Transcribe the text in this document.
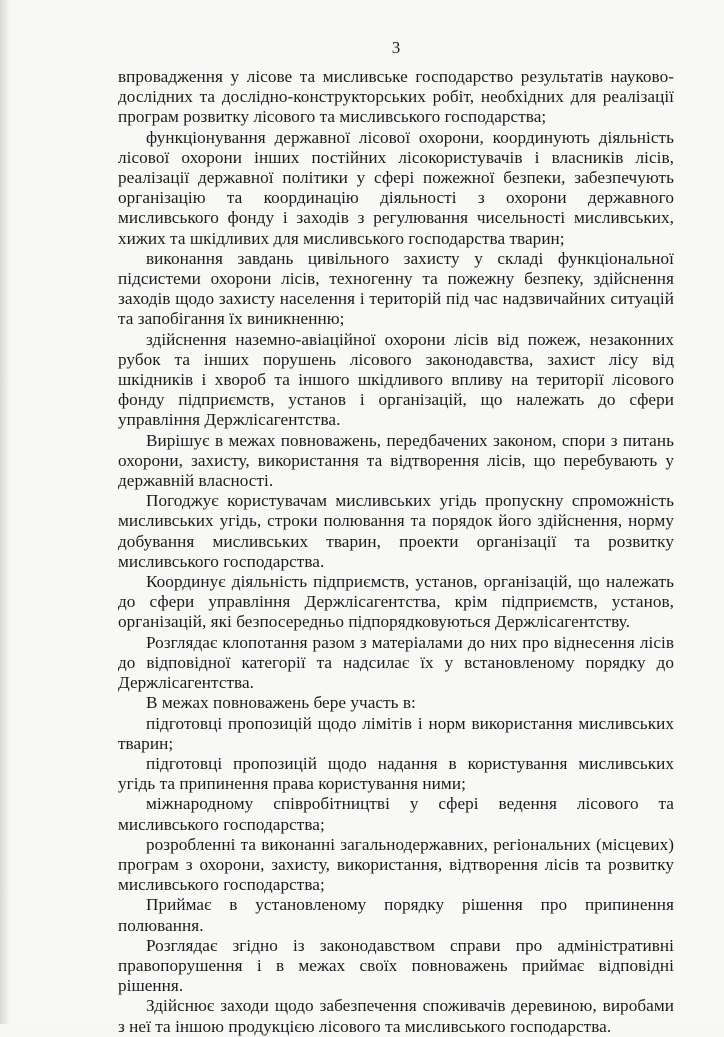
3

впровадження у лісове та мисливське господарство результатів науково-дослідних та дослідно-конструкторських робіт, необхідних для реалізації програм розвитку лісового та мисливського господарства;

функціонування державної лісової охорони, координують діяльність лісової охорони інших постійних лісокористувачів і власників лісів, реалізації державної політики у сфері пожежної безпеки, забезпечують організацію та координацію діяльності з охорони державного мисливського фонду і заходів з регулювання чисельності мисливських, хижих та шкідливих для мисливського господарства тварин;

виконання завдань цивільного захисту у складі функціональної підсистеми охорони лісів, техногенну та пожежну безпеку, здійснення заходів щодо захисту населення і територій під час надзвичайних ситуацій та запобігання їх виникненню;

здійснення наземно-авіаційної охорони лісів від пожеж, незаконних рубок та інших порушень лісового законодавства, захист лісу від шкідників і хвороб та іншого шкідливого впливу на території лісового фонду підприємств, установ і організацій, що належать до сфери управління Держлісагентства.

Вирішує в межах повноважень, передбачених законом, спори з питань охорони, захисту, використання та відтворення лісів, що перебувають у державній власності.

Погоджує користувачам мисливських угідь пропускну спроможність мисливських угідь, строки полювання та порядок його здійснення, норму добування мисливських тварин, проекти організації та розвитку мисливського господарства.

Координує діяльність підприємств, установ, організацій, що належать до сфери управління Держлісагентства, крім підприємств, установ, організацій, які безпосередньо підпорядковуються Держлісагентству.

Розглядає клопотання разом з матеріалами до них про віднесення лісів до відповідної категорії та надсилає їх у встановленому порядку до Держлісагентства.

В межах повноважень бере участь в:

підготовці пропозицій щодо лімітів і норм використання мисливських тварин;

підготовці пропозицій щодо надання в користування мисливських угідь та припинення права користування ними;

міжнародному співробітництві у сфері ведення лісового та мисливського господарства;

розробленні та виконанні загальнодержавних, регіональних (місцевих) програм з охорони, захисту, використання, відтворення лісів та розвитку мисливського господарства;

Приймає в установленому порядку рішення про припинення полювання.

Розглядає згідно із законодавством справи про адміністративні правопорушення і в межах своїх повноважень приймає відповідні рішення.

Здійснює заходи щодо забезпечення споживачів деревиною, виробами з неї та іншою продукцією лісового та мисливського господарства.
